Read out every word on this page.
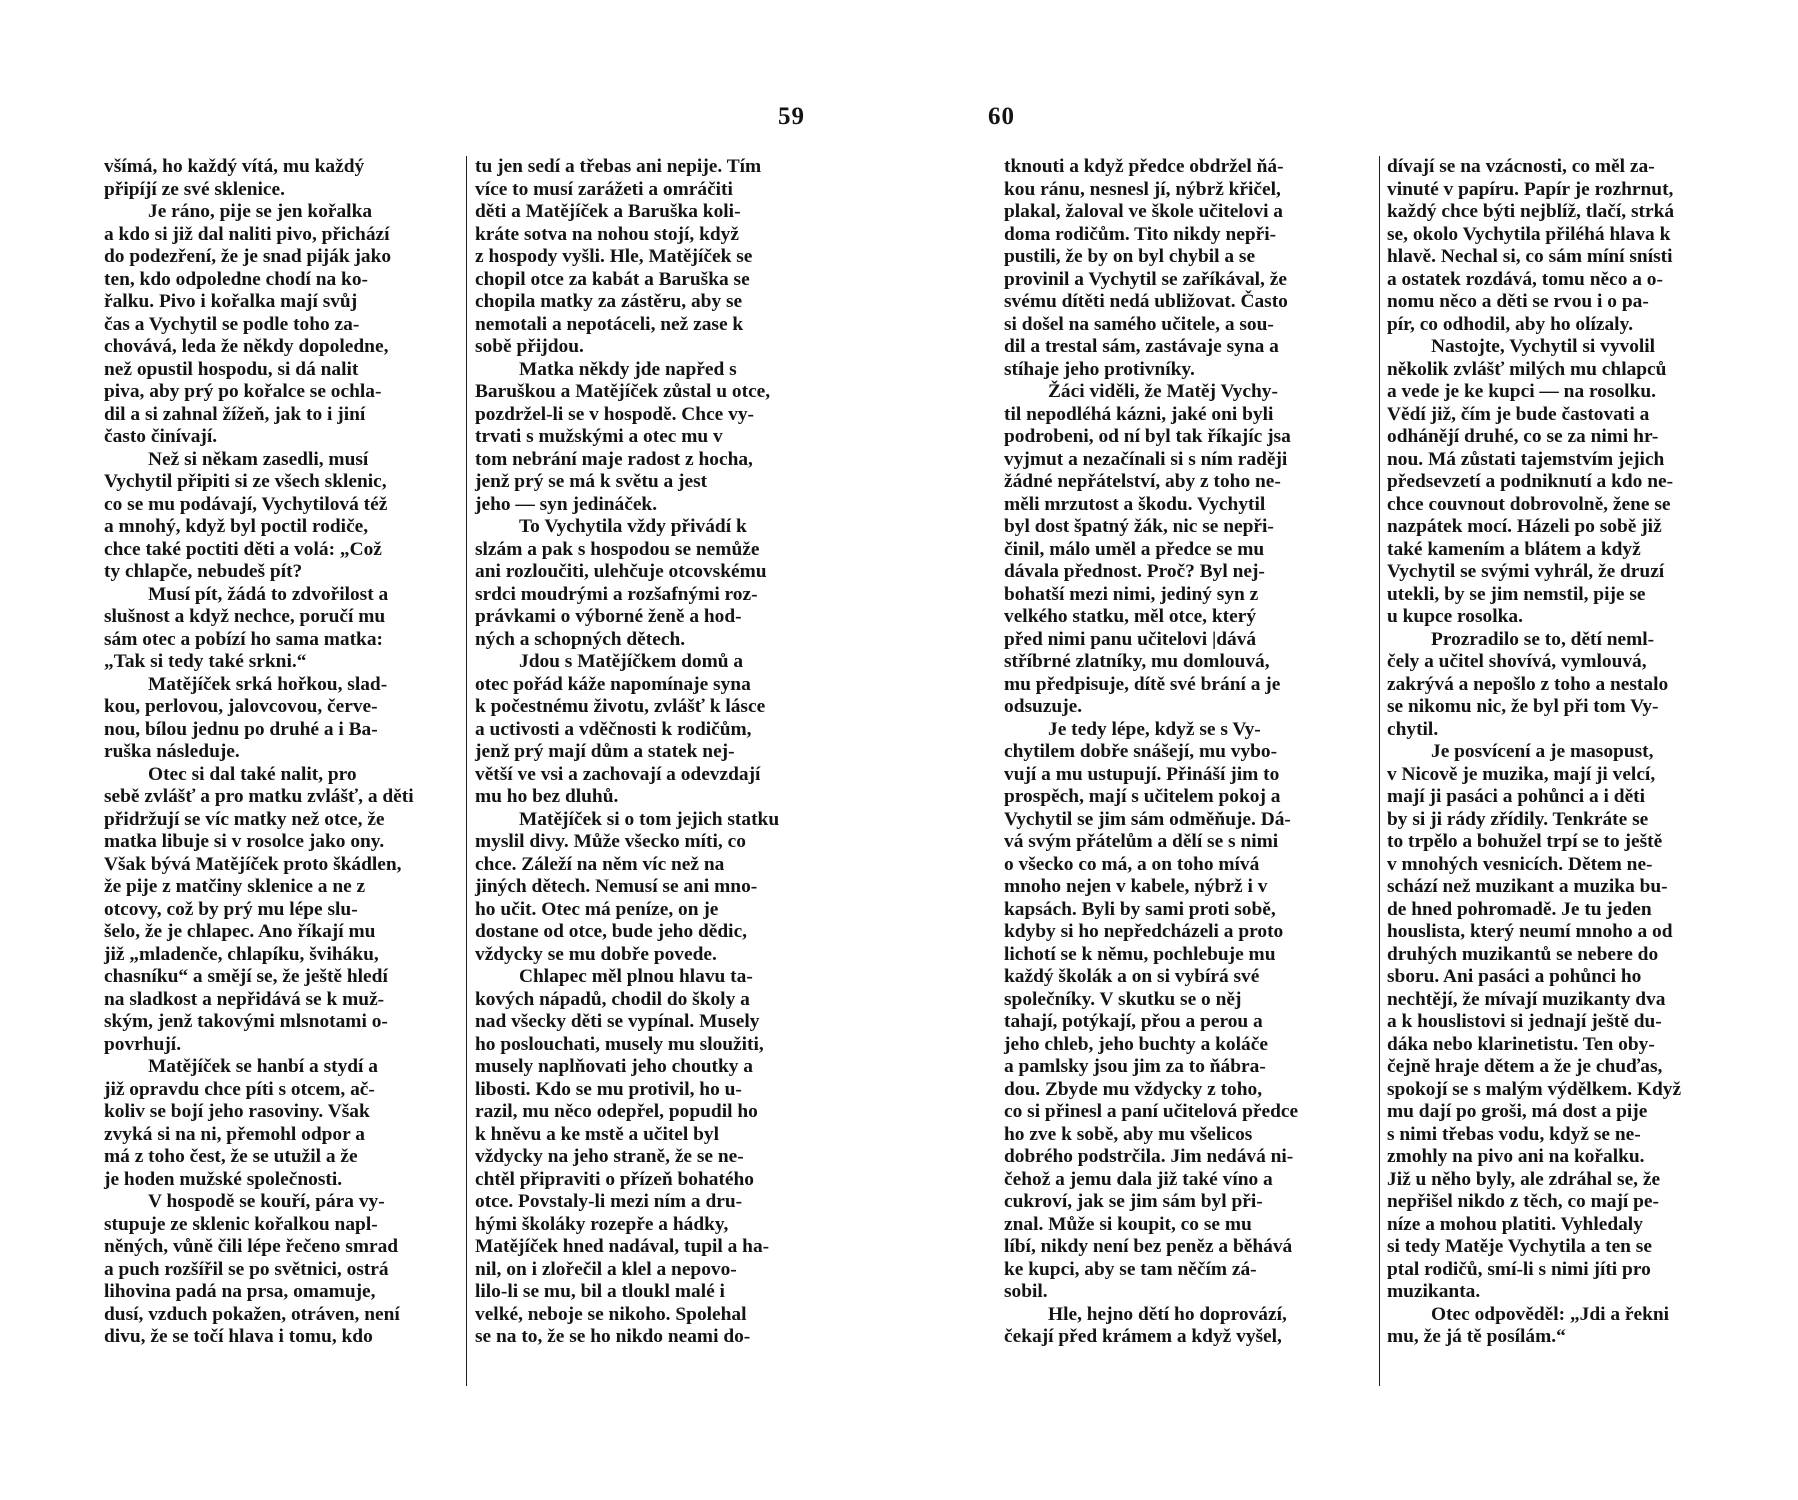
59
všímá, ho každý vítá, mu každý
připíjí ze své sklenice.
Je ráno, pije se jen kořalka
a kdo si již dal naliti pivo, přichází
do podezření, že je snad piják jako
ten, kdo odpoledne chodí na ko-
řalku. Pivo i kořalka mají svůj
čas a Vychytil se podle toho za-
chovává, leda že někdy dopoledne,
než opustil hospodu, si dá nalit
piva, aby prý po kořalce se ochla-
dil a si zahnal žížeň, jak to i jiní
často činívají.
Než si někam zasedli, musí
Vychytil připiti si ze všech sklenic,
co se mu podávají, Vychytilová též
a mnohý, když byl poctil rodiče,
chce také poctiti děti a volá: „Což
ty chlapče, nebudeš pít?
Musí pít, žádá to zdvořilost a
slušnost a když nechce, poručí mu
sám otec a pobízí ho sama matka:
„Tak si tedy také srkni.“
Matějíček srká hořkou, slad-
kou, perlovou, jalovcovou, červe-
nou, bílou jednu po druhé a i Ba-
ruška následuje.
Otec si dal také nalit, pro
sebě zvlášť a pro matku zvlášť, a děti
přidržují se víc matky než otce, že
matka libuje si v rosolce jako ony.
Však bývá Matějíček proto škádlen,
že pije z matčiny sklenice a ne z
otcovy, což by prý mu lépe slu-
šelo, že je chlapec. Ano říkají mu
již „mladenče, chlapíku, šviháku,
chasníku“ a smějí se, že ještě hledí
na sladkost a nepřidává se k muž-
ským, jenž takovými mlsnotami o-
povrhují.
Matějíček se hanbí a stydí a
již opravdu chce píti s otcem, ač-
koliv se bojí jeho rasoviny. Však
zvyká si na ni, přemohl odpor a
má z toho čest, že se utužil a že
je hoden mužské společnosti.
V hospodě se kouří, pára vy-
stupuje ze sklenic kořalkou napl-
něných, vůně čili lépe řečeno smrad
a puch rozšířil se po světnici, ostrá
lihovina padá na prsa, omamuje,
dusí, vzduch pokažen, otráven, není
divu, že se točí hlava i tomu, kdo
tu jen sedí a třebas ani nepije. Tím
více to musí zarážeti a omráčiti
děti a Matějíček a Baruška koli-
kráte sotva na nohou stojí, když
z hospody vyšli. Hle, Matějíček se
chopil otce za kabát a Baruška se
chopila matky za zástěru, aby se
nemotali a nepotáceli, než zase k
sobě přijdou.
Matka někdy jde napřed s
Baruškou a Matějíček zůstal u otce,
pozdržel-li se v hospodě. Chce vy-
trvati s mužskými a otec mu v
tom nebrání maje radost z hocha,
jenž prý se má k světu a jest
jeho — syn jedináček.
To Vychytila vždy přivádí k
slzám a pak s hospodou se nemůže
ani rozloučiti, ulehčuje otcovskému
srdci moudrými a rozšafnými roz-
právkami o výborné ženě a hod-
ných a schopných dětech.
Jdou s Matějíčkem domů a
otec pořád káže napomínaje syna
k počestnému životu, zvlášť k lásce
a uctivosti a vděčnosti k rodičům,
jenž prý mají dům a statek nej-
větší ve vsi a zachovají a odevzdají
mu ho bez dluhů.
Matějíček si o tom jejich statku
myslil divy. Může všecko míti, co
chce. Záleží na něm víc než na
jiných dětech. Nemusí se ani mno-
ho učit. Otec má peníze, on je
dostane od otce, bude jeho dědic,
vždycky se mu dobře povede.
Chlapec měl plnou hlavu ta-
kových nápadů, chodil do školy a
nad všecky děti se vypínal. Musely
ho poslouchati, musely mu sloužiti,
musely naplňovati jeho choutky a
libosti. Kdo se mu protivil, ho u-
razil, mu něco odepřel, popudil ho
k hněvu a ke mstě a učitel byl
vždycky na jeho straně, že se ne-
chtěl připraviti o přízeň bohatého
otce. Povstaly-li mezi ním a dru-
hými školáky rozepře a hádky,
Matějíček hned nadával, tupil a ha-
nil, on i zlořečil a klel a nepovo-
lilo-li se mu, bil a tloukl malé i
velké, neboje se nikoho. Spolehal
se na to, že se ho nikdo neami do-
60
tknouti a když předce obdržel ňá-
kou ránu, nesnesl jí, nýbrž křičel,
plakal, žaloval ve škole učitelovi a
doma rodičům. Tito nikdy nepři-
pustili, že by on byl chybil a se
provinil a Vychytil se zaříkával, že
svému dítěti nedá ubližovat. Často
si došel na samého učitele, a sou-
dil a trestal sám, zastávaje syna a
stíhaje jeho protivníky.
Žáci viděli, že Matěj Vychy-
til nepodléhá kázni, jaké oni byli
podrobeni, od ní byl tak říkajíc jsa
vyjmut a nezačínali si s ním raději
žádné nepřátelství, aby z toho ne-
měli mrzutost a škodu. Vychytil
byl dost špatný žák, nic se nepři-
činil, málo uměl a předce se mu
dávala přednost. Proč? Byl nej-
bohatší mezi nimi, jediný syn z
velkého statku, měl otce, který
před nimi panu učitelovi |dává
stříbrné zlatníky, mu domlouvá,
mu předpisuje, dítě své brání a je
odsuzuje.
Je tedy lépe, když se s Vy-
chytilem dobře snášejí, mu vybo-
vují a mu ustupují. Přináší jim to
prospěch, mají s učitelem pokoj a
Vychytil se jim sám odměňuje. Dá-
vá svým přátelům a dělí se s nimi
o všecko co má, a on toho mívá
mnoho nejen v kabele, nýbrž i v
kapsách. Byli by sami proti sobě,
kdyby si ho nepředcházeli a proto
lichotí se k němu, pochlebuje mu
každý školák a on si vybírá své
společníky. V skutku se o něj
tahají, potýkají, přou a perou a
jeho chleb, jeho buchty a koláče
a pamlsky jsou jim za to ňábra-
dou. Zbyde mu vždycky z toho,
co si přinesl a paní učitelová předce
ho zve k sobě, aby mu všelicos
dobrého podstrčila. Jim nedává ni-
čehož a jemu dala již také víno a
cukroví, jak se jim sám byl při-
znal. Může si koupit, co se mu
líbí, nikdy není bez peněz a běhává
ke kupci, aby se tam něčím zá-
sobil.
Hle, hejno dětí ho doprovází,
čekají před krámem a když vyšel,
dívají se na vzácnosti, co měl za-
vinuté v papíru. Papír je rozhrnut,
každý chce býti nejblíž, tlačí, strká
se, okolo Vychytila přiléhá hlava k
hlavě. Nechal si, co sám míní snísti
a ostatek rozdává, tomu něco a o-
nomu něco a děti se rvou i o pa-
pír, co odhodil, aby ho olízaly.
Nastojte, Vychytil si vyvolil
několik zvlášť milých mu chlapců
a vede je ke kupci — na rosolku.
Vědí již, čím je bude častovati a
odhánějí druhé, co se za nimi hr-
nou. Má zůstati tajemstvím jejich
předsevzetí a podniknutí a kdo ne-
chce couvnout dobrovolně, žene se
nazpátek mocí. Házeli po sobě již
také kamením a blátem a když
Vychytil se svými vyhrál, že druzí
utekli, by se jim nemstil, pije se
u kupce rosolka.
Prozradilo se to, dětí neml-
čely a učitel shovívá, vymlouvá,
zakrývá a nepošlo z toho a nestalo
se nikomu nic, že byl při tom Vy-
chytil.
Je posvícení a je masopust,
v Nicově je muzika, mají ji velcí,
mají ji pasáci a pohůnci a i děti
by si ji rády zřídily. Tenkráte se
to trpělo a bohužel trpí se to ještě
v mnohých vesnicích. Dětem ne-
schází než muzikant a muzika bu-
de hned pohromadě. Je tu jeden
houslista, který neumí mnoho a od
druhých muzikantů se nebere do
sboru. Ani pasáci a pohůnci ho
nechtějí, že mívají muzikanty dva
a k houslistovi si jednají ještě du-
dáka nebo klarinetistu. Ten oby-
čejně hraje dětem a že je chuďas,
spokojí se s malým výdělkem. Když
mu dají po groši, má dost a pije
s nimi třebas vodu, když se ne-
zmohly na pivo ani na kořalku.
Již u něho byly, ale zdráhal se, že
nepřišel nikdo z těch, co mají pe-
níze a mohou platiti. Vyhledaly
si tedy Matěje Vychytila a ten se
ptal rodičů, smí-li s nimi jíti pro
muzikanta.
Otec odpověděl: „Jdi a řekni
mu, že já tě posílám.“
